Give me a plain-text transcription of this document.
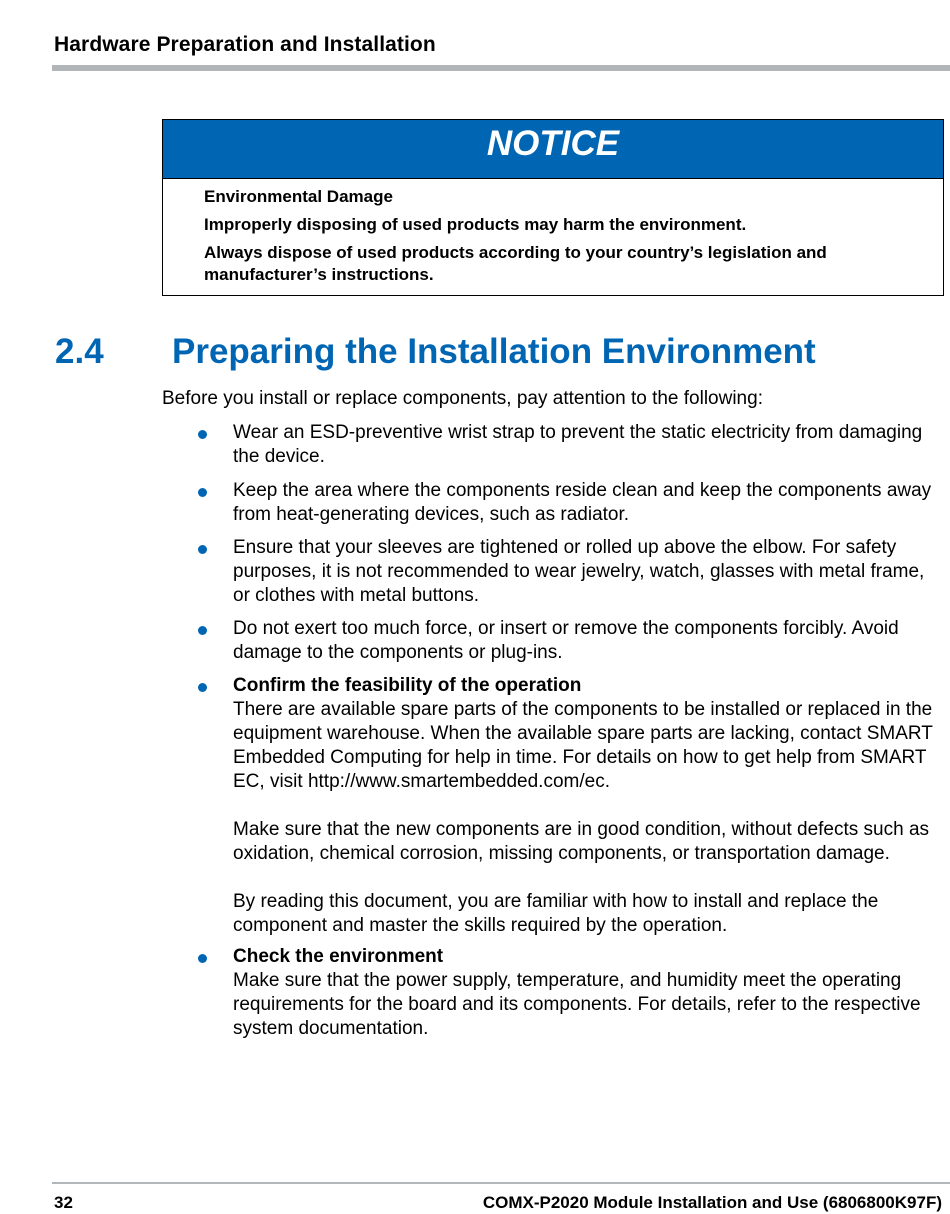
Hardware Preparation and Installation
NOTICE
Environmental Damage
Improperly disposing of used products may harm the environment.
Always dispose of used products according to your country’s legislation and manufacturer’s instructions.
2.4 Preparing the Installation Environment
Before you install or replace components, pay attention to the following:
Wear an ESD-preventive wrist strap to prevent the static electricity from damaging the device.
Keep the area where the components reside clean and keep the components away from heat-generating devices, such as radiator.
Ensure that your sleeves are tightened or rolled up above the elbow. For safety purposes, it is not recommended to wear jewelry, watch, glasses with metal frame, or clothes with metal buttons.
Do not exert too much force, or insert or remove the components forcibly. Avoid damage to the components or plug-ins.
Confirm the feasibility of the operation
There are available spare parts of the components to be installed or replaced in the equipment warehouse. When the available spare parts are lacking, contact SMART Embedded Computing for help in time. For details on how to get help from SMART EC, visit http://www.smartembedded.com/ec.
Make sure that the new components are in good condition, without defects such as oxidation, chemical corrosion, missing components, or transportation damage.
By reading this document, you are familiar with how to install and replace the component and master the skills required by the operation.
Check the environment
Make sure that the power supply, temperature, and humidity meet the operating requirements for the board and its components. For details, refer to the respective system documentation.
32	COMX-P2020 Module Installation and Use (6806800K97F)
